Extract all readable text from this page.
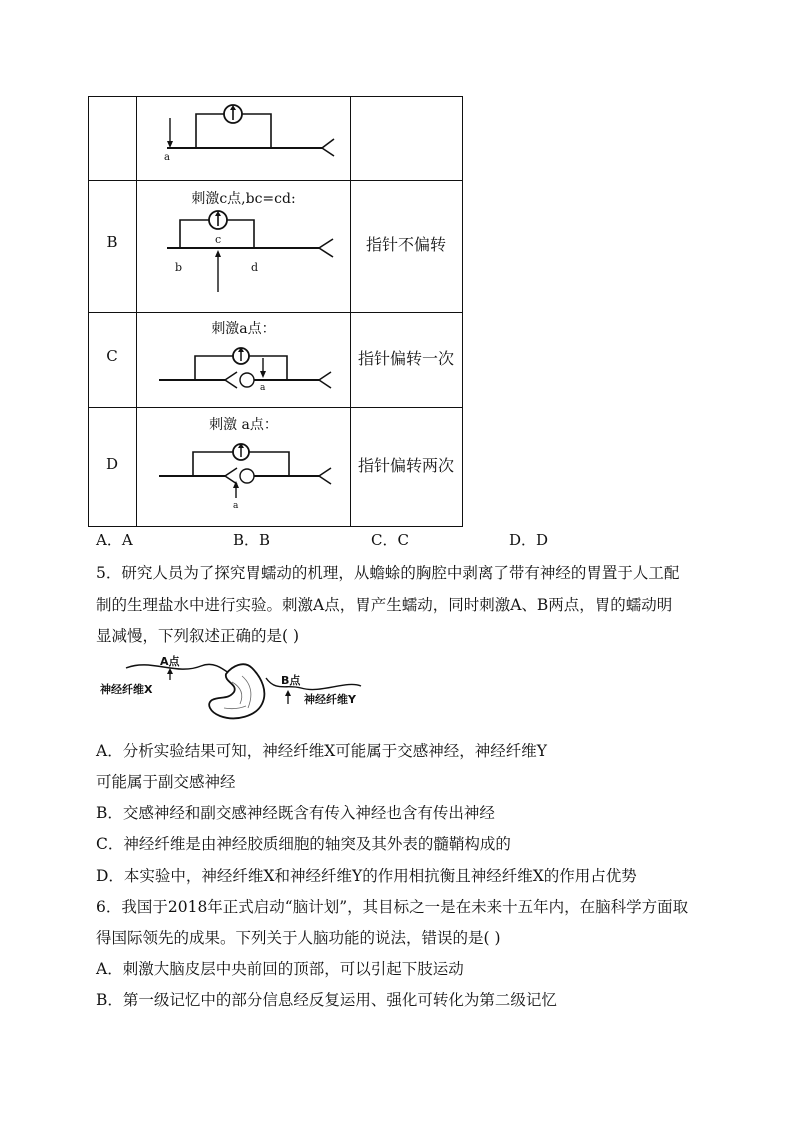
a
B
刺激c点,bc=cd:
b
c
d
指针不偏转
C
刺激a点：
a
指针偏转一次
D
刺激 a点：
a
指针偏转两次
A．A	B．B	C．C	D．D
5．研究人员为了探究胃蠕动的机理，从蟾蜍的胸腔中剥离了带有神经的胃置于人工配
制的生理盐水中进行实验。刺激A点，胃产生蠕动，同时刺激A、B两点，胃的蠕动明
显减慢，下列叙述正确的是( )
A点
B点
神经纤维X
神经纤维Y
A．分析实验结果可知，神经纤维X可能属于交感神经，神经纤维Y
可能属于副交感神经
B．交感神经和副交感神经既含有传入神经也含有传出神经
C．神经纤维是由神经胶质细胞的轴突及其外表的髓鞘构成的
D．本实验中，神经纤维X和神经纤维Y的作用相抗衡且神经纤维X的作用占优势
6．我国于2018年正式启动“脑计划”，其目标之一是在未来十五年内，在脑科学方面取
得国际领先的成果。下列关于人脑功能的说法，错误的是( )
A．刺激大脑皮层中央前回的顶部，可以引起下肢运动
B．第一级记忆中的部分信息经反复运用、强化可转化为第二级记忆
